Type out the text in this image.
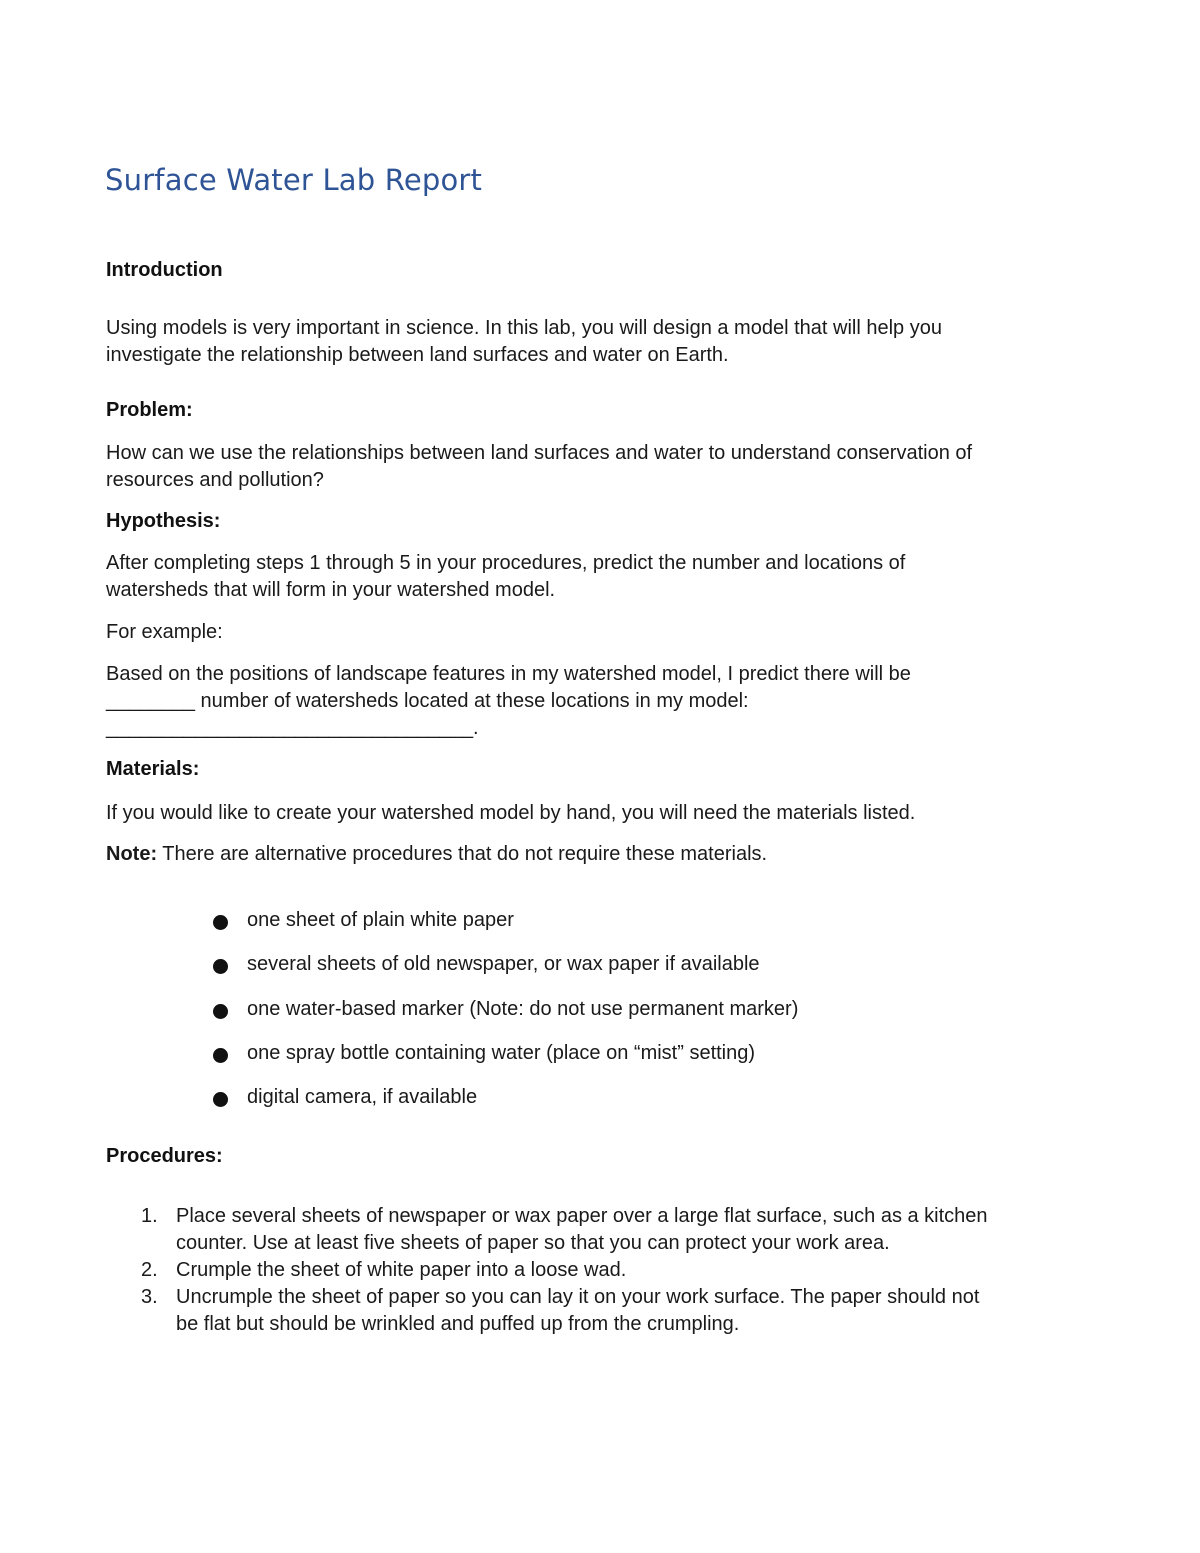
Surface Water Lab Report
Introduction

Using models is very important in science. In this lab, you will design a model that will help you
investigate the relationship between land surfaces and water on Earth.

Problem:

How can we use the relationships between land surfaces and water to understand conservation of
resources and pollution?

Hypothesis:

After completing steps 1 through 5 in your procedures, predict the number and locations of
watersheds that will form in your watershed model.

For example:

Based on the positions of landscape features in my watershed model, I predict there will be
________ number of watersheds located at these locations in my model:
_________________________________.

Materials:

If you would like to create your watershed model by hand, you will need the materials listed.

Note: There are alternative procedures that do not require these materials.

one sheet of plain white paper
several sheets of old newspaper, or wax paper if available
one water-based marker (Note: do not use permanent marker)
one spray bottle containing water (place on “mist” setting)
digital camera, if available
Procedures:
1. Place several sheets of newspaper or wax paper over a large flat surface, such as a kitchen
counter. Use at least five sheets of paper so that you can protect your work area.
2. Crumple the sheet of white paper into a loose wad.
3. Uncrumple the sheet of paper so you can lay it on your work surface. The paper should not
be flat but should be wrinkled and puffed up from the crumpling.
